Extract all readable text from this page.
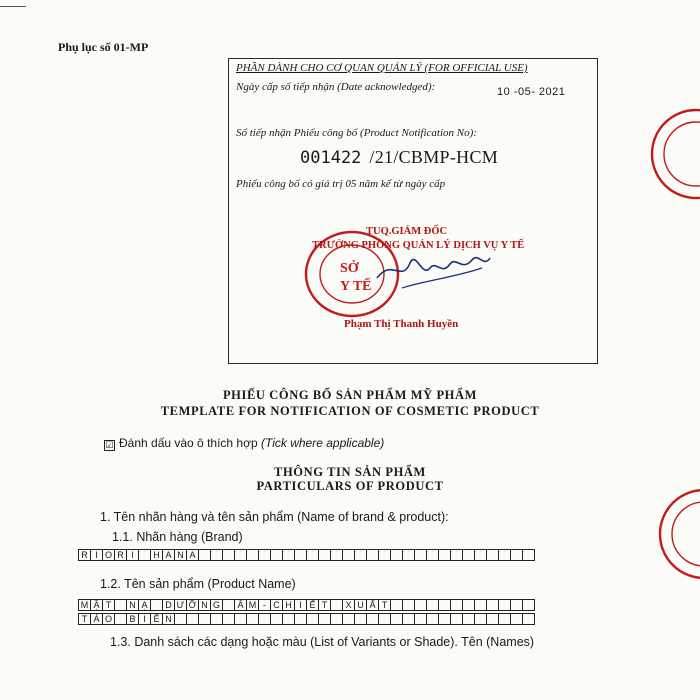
Phụ lục số 01-MP
PHẦN DÀNH CHO CƠ QUAN QUẢN LÝ (FOR OFFICIAL USE)
Ngày cấp số tiếp nhận (Date acknowledged):	10 -05- 2021
Số tiếp nhận Phiếu công bố (Product Notification No):
001422 /21/CBMP-HCM
Phiếu công bố có giá trị 05 năm kể từ ngày cấp
SỞ
Y TẾ
TUQ.GIÁM ĐỐC
TRƯỞNG PHÒNG QUẢN LÝ DỊCH VỤ Y TẾ
Phạm Thị Thanh Huyền
PHIẾU CÔNG BỐ SẢN PHẨM MỸ PHẨM
TEMPLATE FOR NOTIFICATION OF COSMETIC PRODUCT
☑ Đánh dấu vào ô thích hợp (Tick where applicable)
THÔNG TIN SẢN PHẨM
PARTICULARS OF PRODUCT
1. Tên nhãn hàng và tên sản phẩm (Name of brand & product):
1.1. Nhãn hàng (Brand)
R I O R I	H A N A
1.2. Tên sản phẩm (Product Name)
M Ặ T	N Ạ	D Ư Ỡ N G	Ẩ M - C H I Ế T	X U Ấ T
T Ả O	B I Ể N
1.3. Danh sách các dạng hoặc màu (List of Variants or Shade). Tên (Names)
